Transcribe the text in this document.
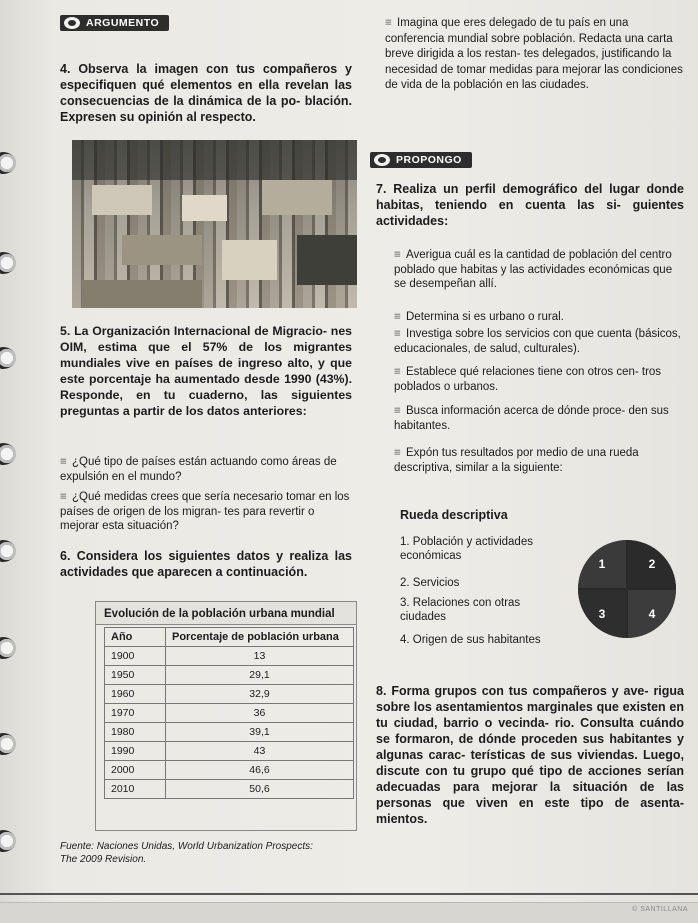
ARGUMENTO
4. Observa la imagen con tus compañeros y especifiquen qué elementos en ella revelan las consecuencias de la dinámica de la po- blación. Expresen su opinión al respecto.
5. La Organización Internacional de Migracio- nes OIM, estima que el 57% de los migrantes mundiales vive en países de ingreso alto, y que este porcentaje ha aumentado desde 1990 (43%). Responde, en tu cuaderno, las siguientes preguntas a partir de los datos anteriores:
≡ ¿Qué tipo de países están actuando como áreas de expulsión en el mundo?
≡ ¿Qué medidas crees que sería necesario tomar en los países de origen de los migran- tes para revertir o mejorar esta situación?
6. Considera los siguientes datos y realiza las actividades que aparecen a continuación.
Evolución de la población urbana mundial
Año	Porcentaje de población urbana
1900	13
1950	29,1
1960	32,9
1970	36
1980	39,1
1990	43
2000	46,6
2010	50,6
Fuente: Naciones Unidas, World Urbanization Prospects:
The 2009 Revision.
≡ Imagina que eres delegado de tu país en una conferencia mundial sobre población. Redacta una carta breve dirigida a los restan- tes delegados, justificando la necesidad de tomar medidas para mejorar las condiciones de vida de la población en las ciudades.
PROPONGO
7. Realiza un perfil demográfico del lugar donde habitas, teniendo en cuenta las si- guientes actividades:
≡ Averigua cuál es la cantidad de población del centro poblado que habitas y las actividades económicas que se desempeñan allí.
≡ Determina si es urbano o rural.
≡ Investiga sobre los servicios con que cuenta (básicos, educacionales, de salud, culturales).
≡ Establece qué relaciones tiene con otros cen- tros poblados o urbanos.
≡ Busca información acerca de dónde proce- den sus habitantes.
≡ Expón tus resultados por medio de una rueda descriptiva, similar a la siguiente:
Rueda descriptiva
1. Población y actividades económicas
2. Servicios
3. Relaciones con otras ciudades
4. Origen de sus habitantes
1	2
3	4
8. Forma grupos con tus compañeros y ave- rigua sobre los asentamientos marginales que existen en tu ciudad, barrio o vecinda- rio. Consulta cuándo se formaron, de dónde proceden sus habitantes y algunas carac- terísticas de sus viviendas. Luego, discute con tu grupo qué tipo de acciones serían adecuadas para mejorar la situación de las personas que viven en este tipo de asenta- mientos.
© SANTILLANA
